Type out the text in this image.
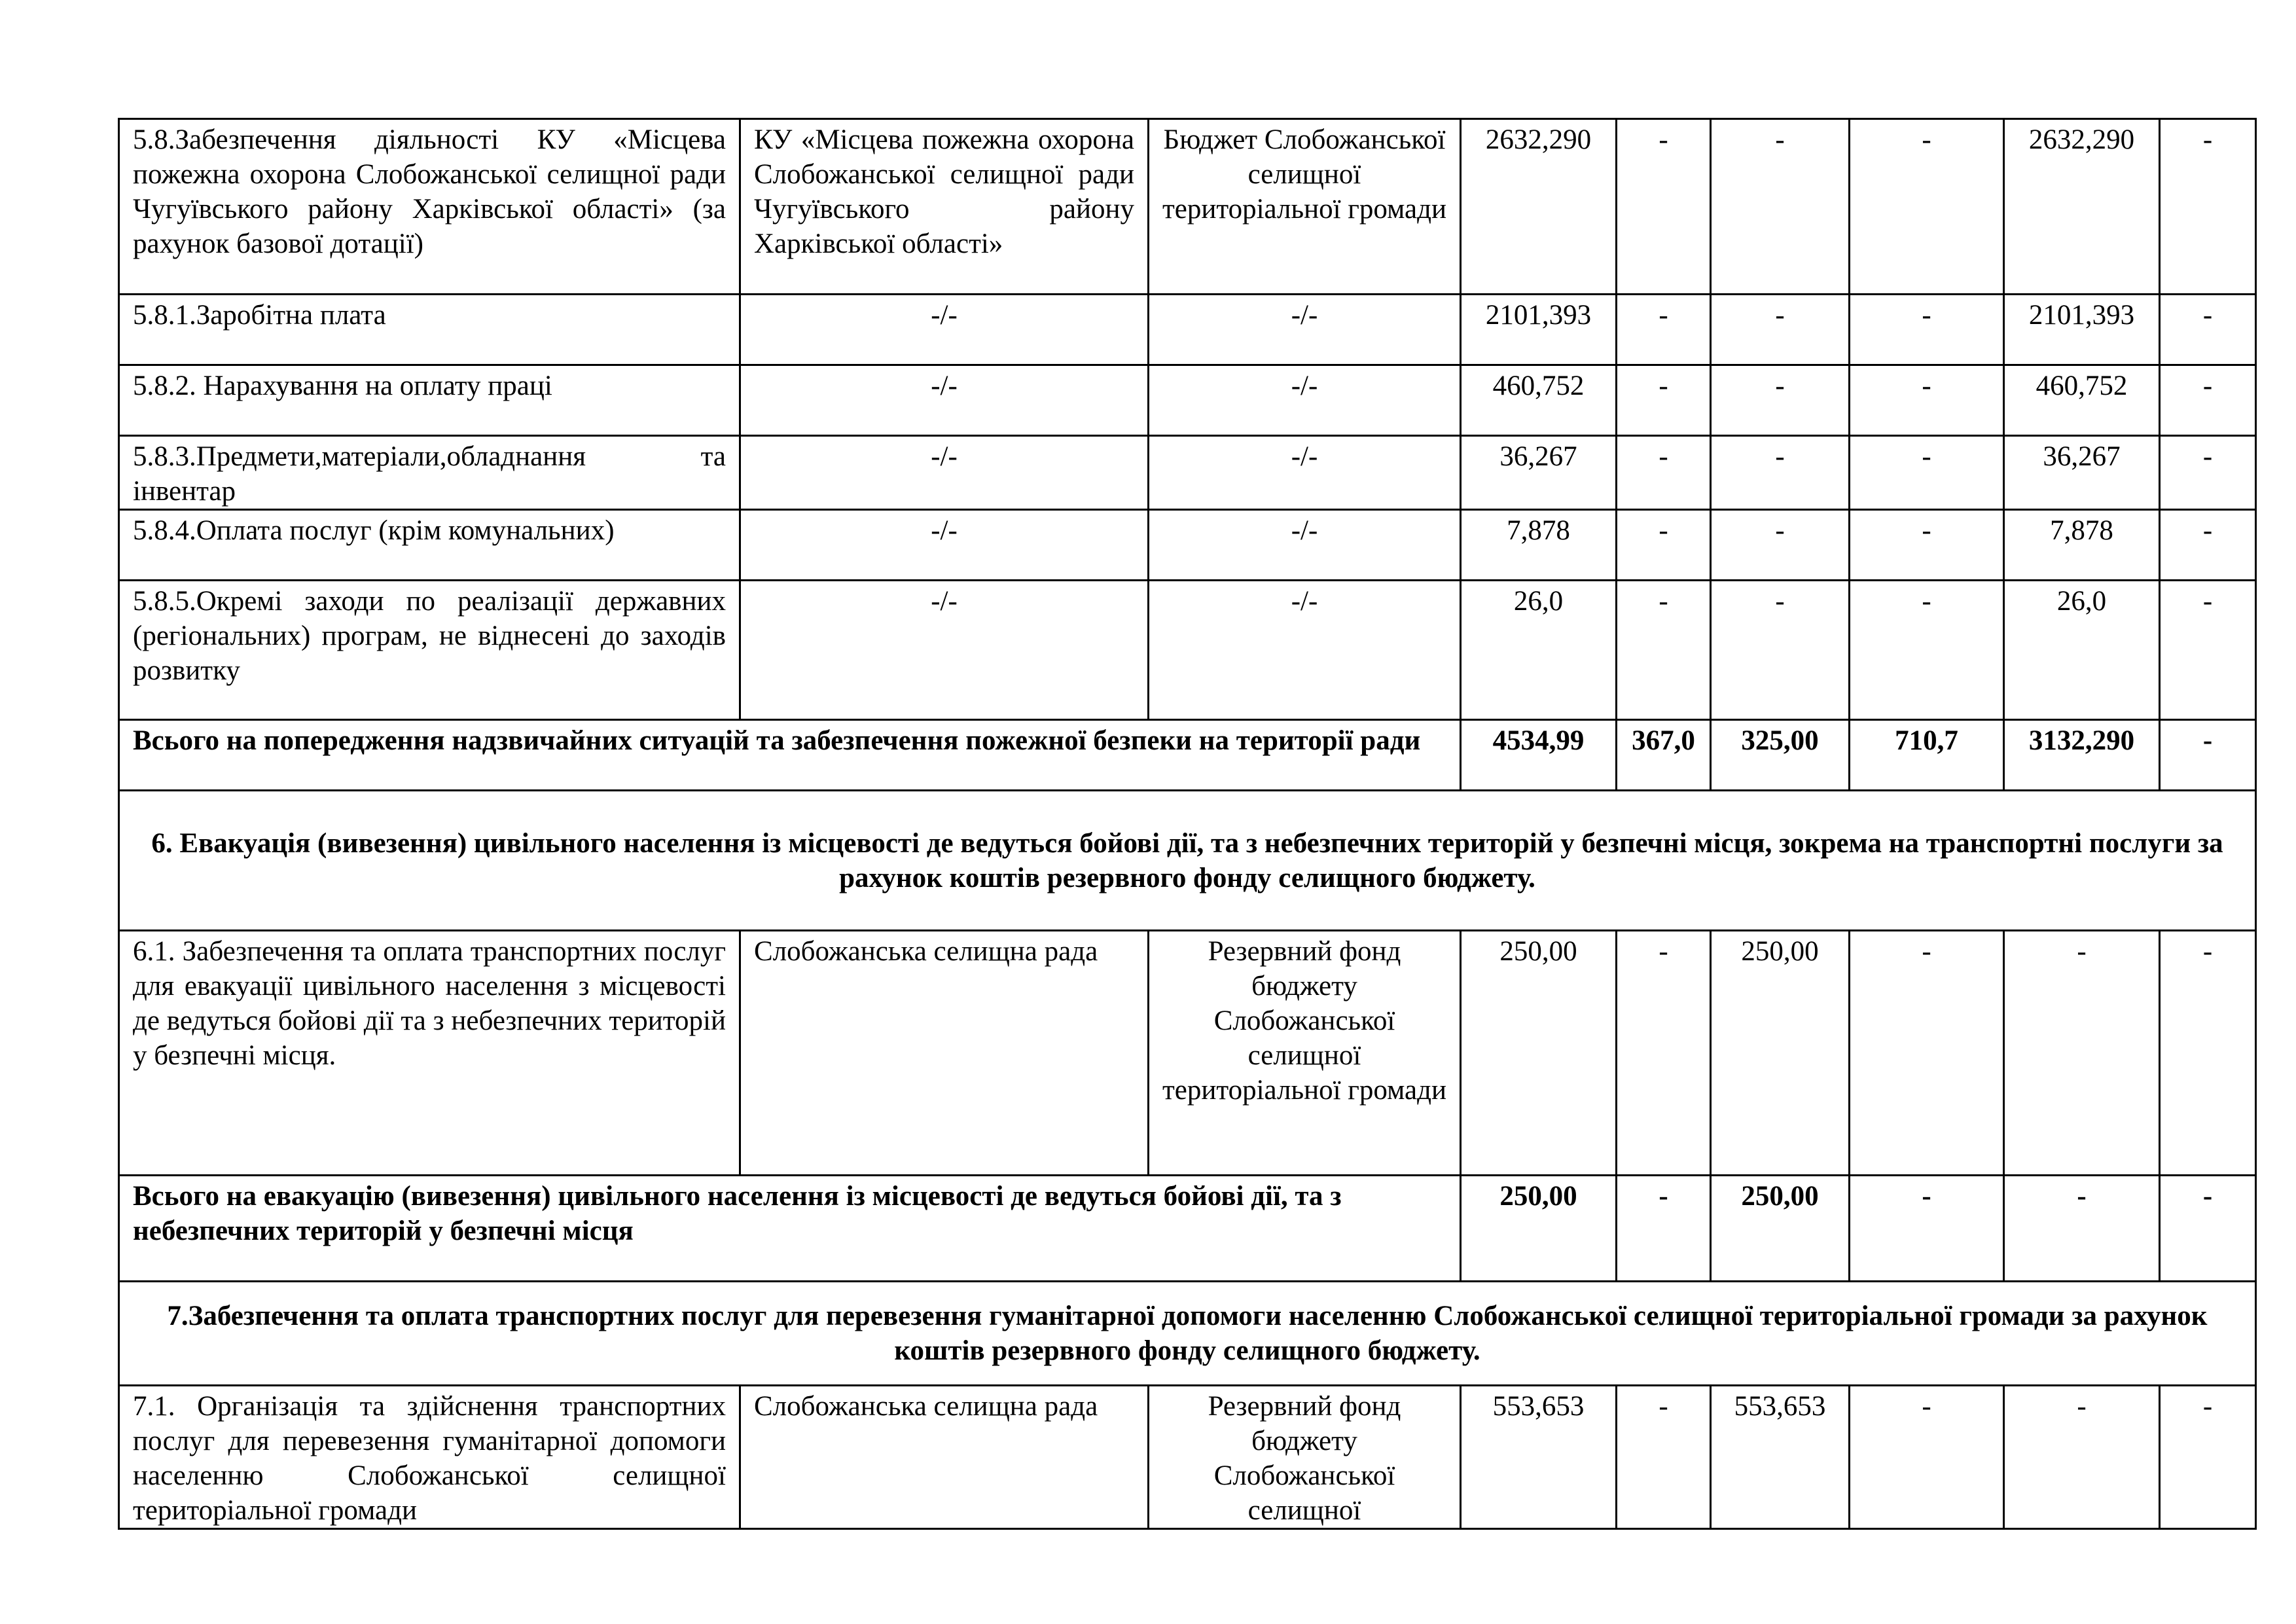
5.8.Забезпечення діяльності КУ «Місцева пожежна охорона Слобожанської селищної ради Чугуївського району Харківської області» (за рахунок базової дотації)	КУ «Місцева пожежна охорона Слобожанської селищної ради Чугуївського району Харківської області»	Бюджет Слобожанської селищної територіальної громади	2632,290	-	-	-	2632,290	-
5.8.1.Заробітна плата	-/-	-/-	2101,393	-	-	-	2101,393	-
5.8.2. Нарахування на оплату праці	-/-	-/-	460,752	-	-	-	460,752	-
5.8.3.Предмети,матеріали,обладнання та інвентар	-/-	-/-	36,267	-	-	-	36,267	-
5.8.4.Оплата послуг (крім комунальних)	-/-	-/-	7,878	-	-	-	7,878	-
5.8.5.Окремі заходи по реалізації державних (регіональних) програм, не віднесені до заходів розвитку	-/-	-/-	26,0	-	-	-	26,0	-
Всього на попередження надзвичайних ситуацій та забезпечення пожежної безпеки на території ради			4534,99	367,0	325,00	710,7	3132,290	-
6. Евакуація (вивезення) цивільного населення із місцевості де ведуться бойові дії, та з небезпечних територій у безпечні місця, зокрема на транспортні послуги за рахунок коштів резервного фонду селищного бюджету.								
6.1. Забезпечення та оплата транспортних послуг для евакуації цивільного населення з місцевості де ведуться бойові дії та з небезпечних територій у безпечні місця.	Слобожанська селищна рада	Резервний фонд бюджету Слобожанської селищної територіальної громади	250,00	-	250,00	-	-	-
Всього на евакуацію (вивезення) цивільного населення із місцевості де ведуться бойові дії, та з небезпечних територій у безпечні місця			250,00	-	250,00	-	-	-
7.Забезпечення та оплата транспортних послуг для перевезення гуманітарної допомоги населенню Слобожанської селищної територіальної громади за рахунок коштів резервного фонду селищного бюджету.								
7.1. Організація та здійснення транспортних послуг для перевезення гуманітарної допомоги населенню Слобожанської селищної територіальної громади	Слобожанська селищна рада	Резервний фонд бюджету Слобожанської селищної	553,653	-	553,653	-	-	-
